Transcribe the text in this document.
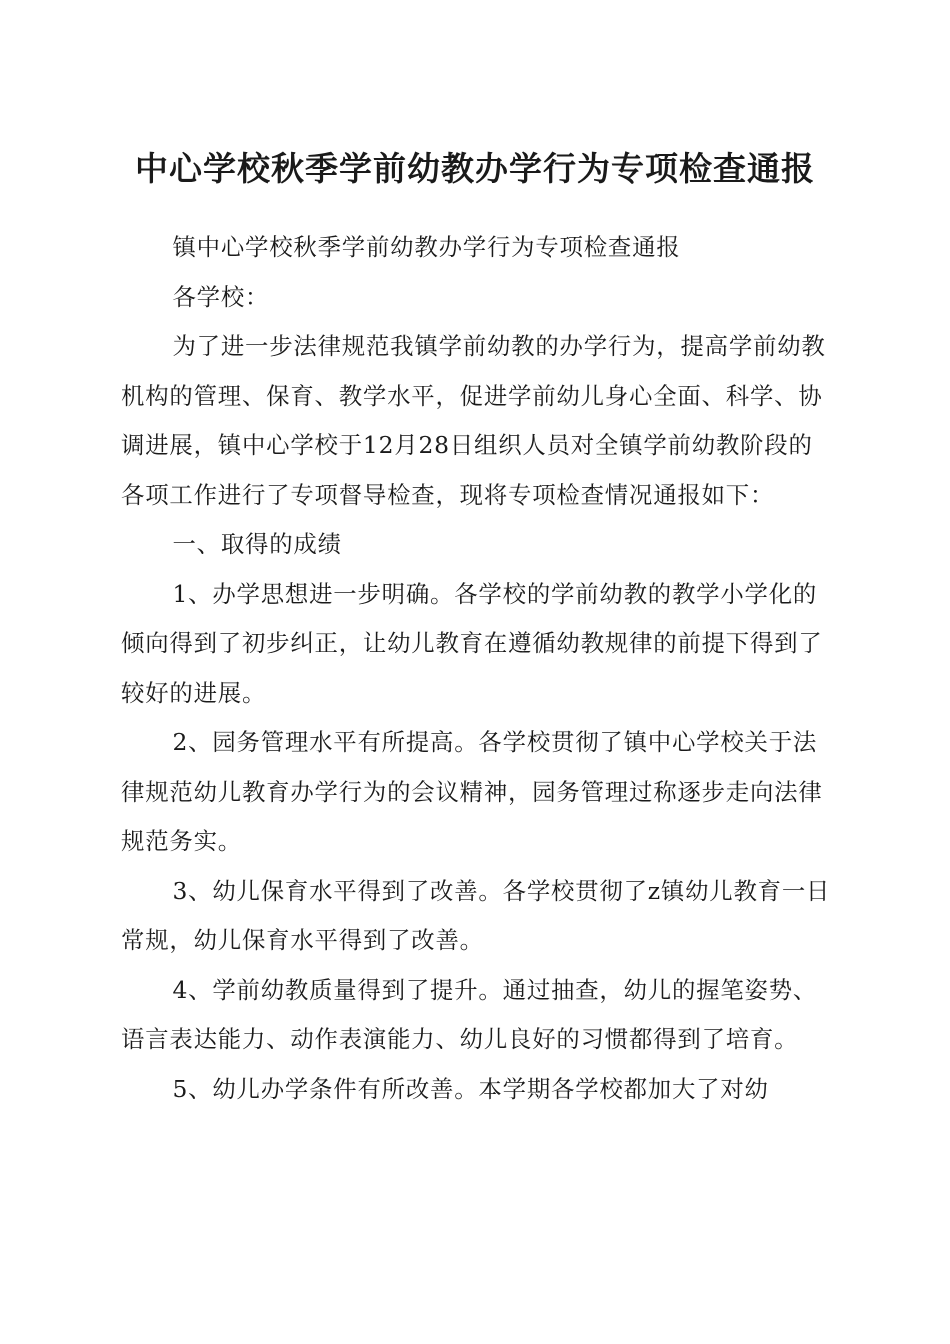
中心学校秋季学前幼教办学行为专项检查通报

镇中心学校秋季学前幼教办学行为专项检查通报

各学校：

为了进一步法律规范我镇学前幼教的办学行为，提高学前幼教机构的管理、保育、教学水平，促进学前幼儿身心全面、科学、协调进展，镇中心学校于12月28日组织人员对全镇学前幼教阶段的各项工作进行了专项督导检查，现将专项检查情况通报如下：

一、取得的成绩

1、办学思想进一步明确。各学校的学前幼教的教学小学化的倾向得到了初步纠正，让幼儿教育在遵循幼教规律的前提下得到了较好的进展。

2、园务管理水平有所提高。各学校贯彻了镇中心学校关于法律规范幼儿教育办学行为的会议精神，园务管理过称逐步走向法律规范务实。

3、幼儿保育水平得到了改善。各学校贯彻了z镇幼儿教育一日常规，幼儿保育水平得到了改善。

4、学前幼教质量得到了提升。通过抽查，幼儿的握笔姿势、语言表达能力、动作表演能力、幼儿良好的习惯都得到了培育。

5、幼儿办学条件有所改善。本学期各学校都加大了对幼
